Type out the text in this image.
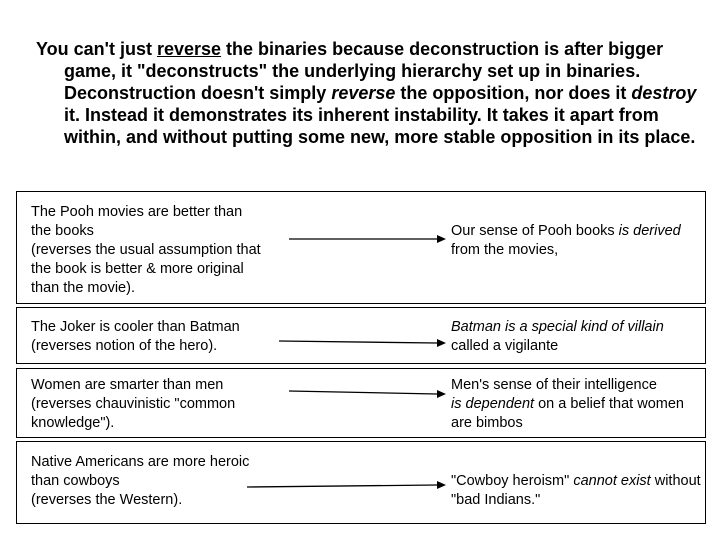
You can't just reverse the binaries because deconstruction is after bigger game, it "deconstructs" the underlying hierarchy set up in binaries. Deconstruction doesn't simply reverse the opposition, nor does it destroy it. Instead it demonstrates its inherent instability. It takes it apart from within, and without putting some new, more stable opposition in its place.

The Pooh movies are better than
the books
(reverses the usual assumption that
the book is better & more original
than the movie).

Our sense of Pooh books is derived from the movies,

The Joker is cooler than Batman
(reverses notion of the hero).

Batman is a special kind of villain
called a vigilante

Women are smarter than men
(reverses chauvinistic "common
knowledge").

Men's sense of their intelligence
is dependent on a belief that women are bimbos

Native Americans are more heroic
than cowboys
(reverses the Western).

"Cowboy heroism" cannot exist without "bad Indians."
